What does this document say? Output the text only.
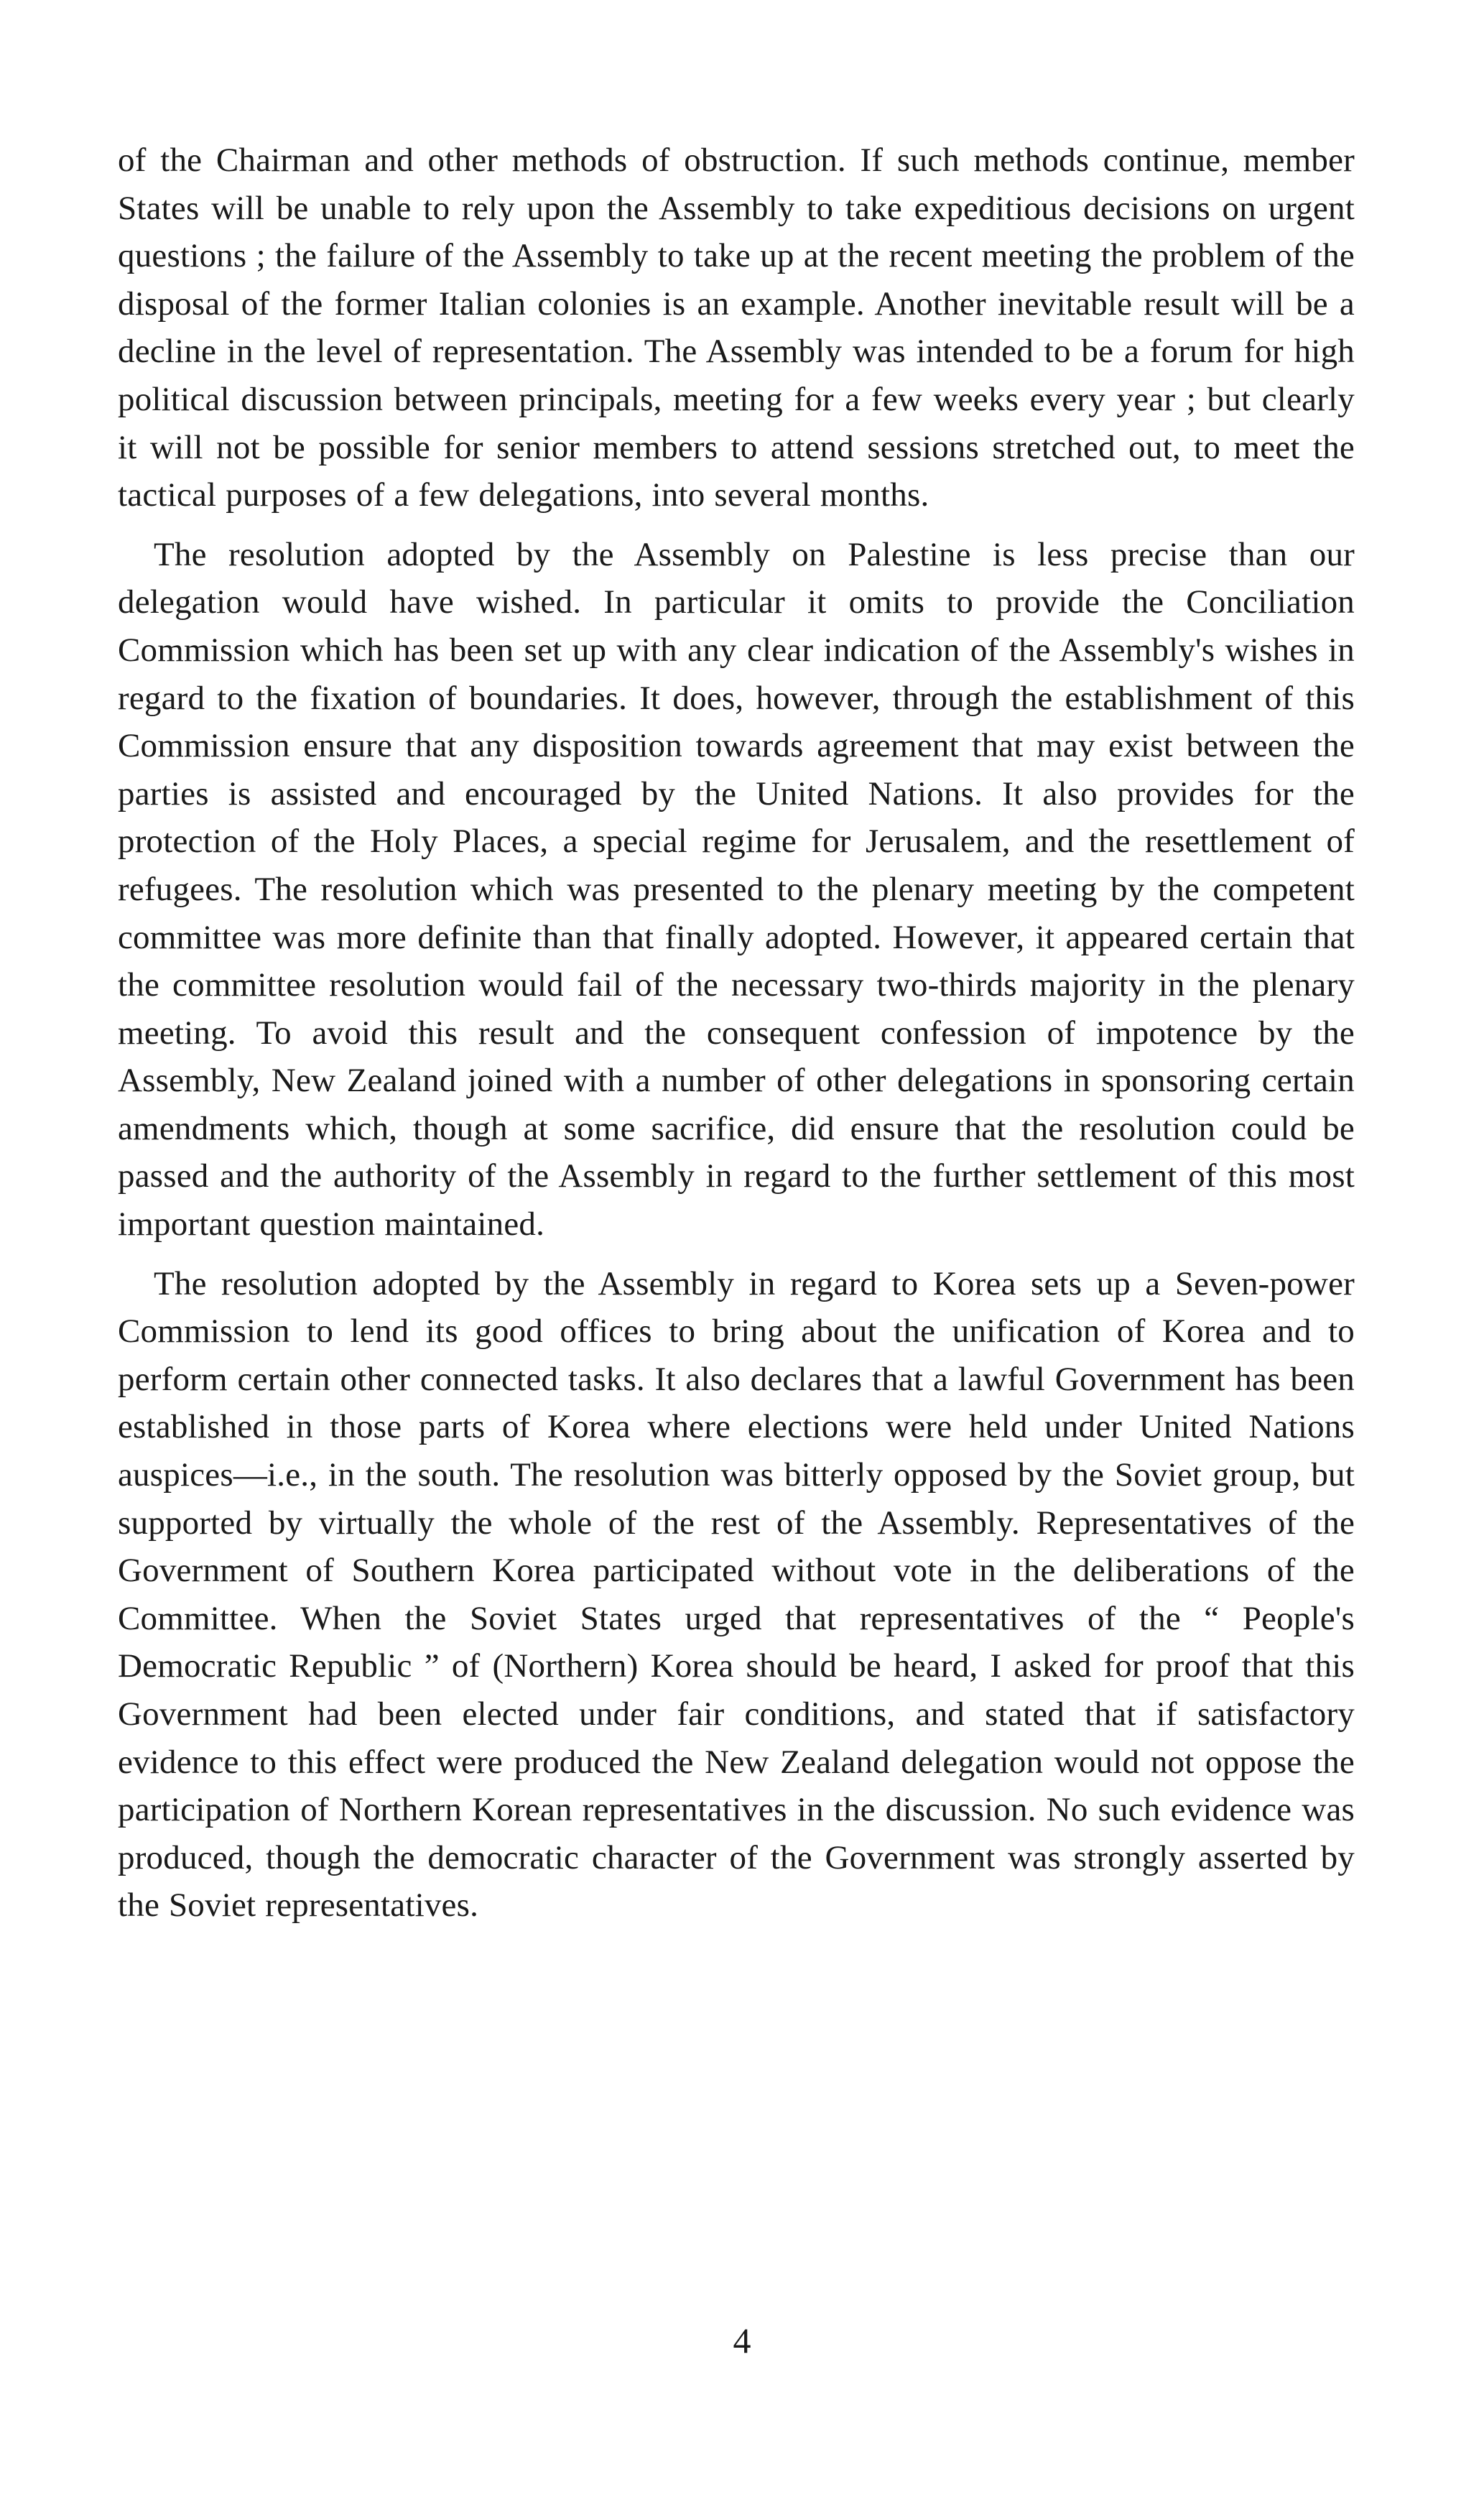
of the Chairman and other methods of obstruction. If such methods continue, member States will be unable to rely upon the Assembly to take expeditious decisions on urgent questions ; the failure of the Assembly to take up at the recent meeting the problem of the disposal of the former Italian colonies is an example. Another inevitable result will be a decline in the level of representation. The Assembly was intended to be a forum for high political discussion between principals, meeting for a few weeks every year ; but clearly it will not be possible for senior members to attend sessions stretched out, to meet the tactical purposes of a few delegations, into several months.

The resolution adopted by the Assembly on Palestine is less precise than our delegation would have wished. In particular it omits to provide the Conciliation Commission which has been set up with any clear indication of the Assembly's wishes in regard to the fixation of boundaries. It does, however, through the establishment of this Commission ensure that any disposition towards agreement that may exist between the parties is assisted and encouraged by the United Nations. It also provides for the protection of the Holy Places, a special regime for Jerusalem, and the resettlement of refugees. The resolution which was presented to the plenary meeting by the competent committee was more definite than that finally adopted. However, it appeared certain that the committee resolution would fail of the necessary two-thirds majority in the plenary meeting. To avoid this result and the consequent confession of impotence by the Assembly, New Zealand joined with a number of other delegations in sponsoring certain amendments which, though at some sacrifice, did ensure that the resolution could be passed and the authority of the Assembly in regard to the further settlement of this most important question maintained.

The resolution adopted by the Assembly in regard to Korea sets up a Seven-power Commission to lend its good offices to bring about the unification of Korea and to perform certain other connected tasks. It also declares that a lawful Government has been established in those parts of Korea where elections were held under United Nations auspices—i.e., in the south. The resolution was bitterly opposed by the Soviet group, but supported by virtually the whole of the rest of the Assembly. Representatives of the Government of Southern Korea participated without vote in the deliberations of the Committee. When the Soviet States urged that representatives of the “ People's Democratic Republic ” of (Northern) Korea should be heard, I asked for proof that this Government had been elected under fair conditions, and stated that if satisfactory evidence to this effect were produced the New Zealand delegation would not oppose the participation of Northern Korean representatives in the discussion. No such evidence was produced, though the democratic character of the Government was strongly asserted by the Soviet representatives.

4
